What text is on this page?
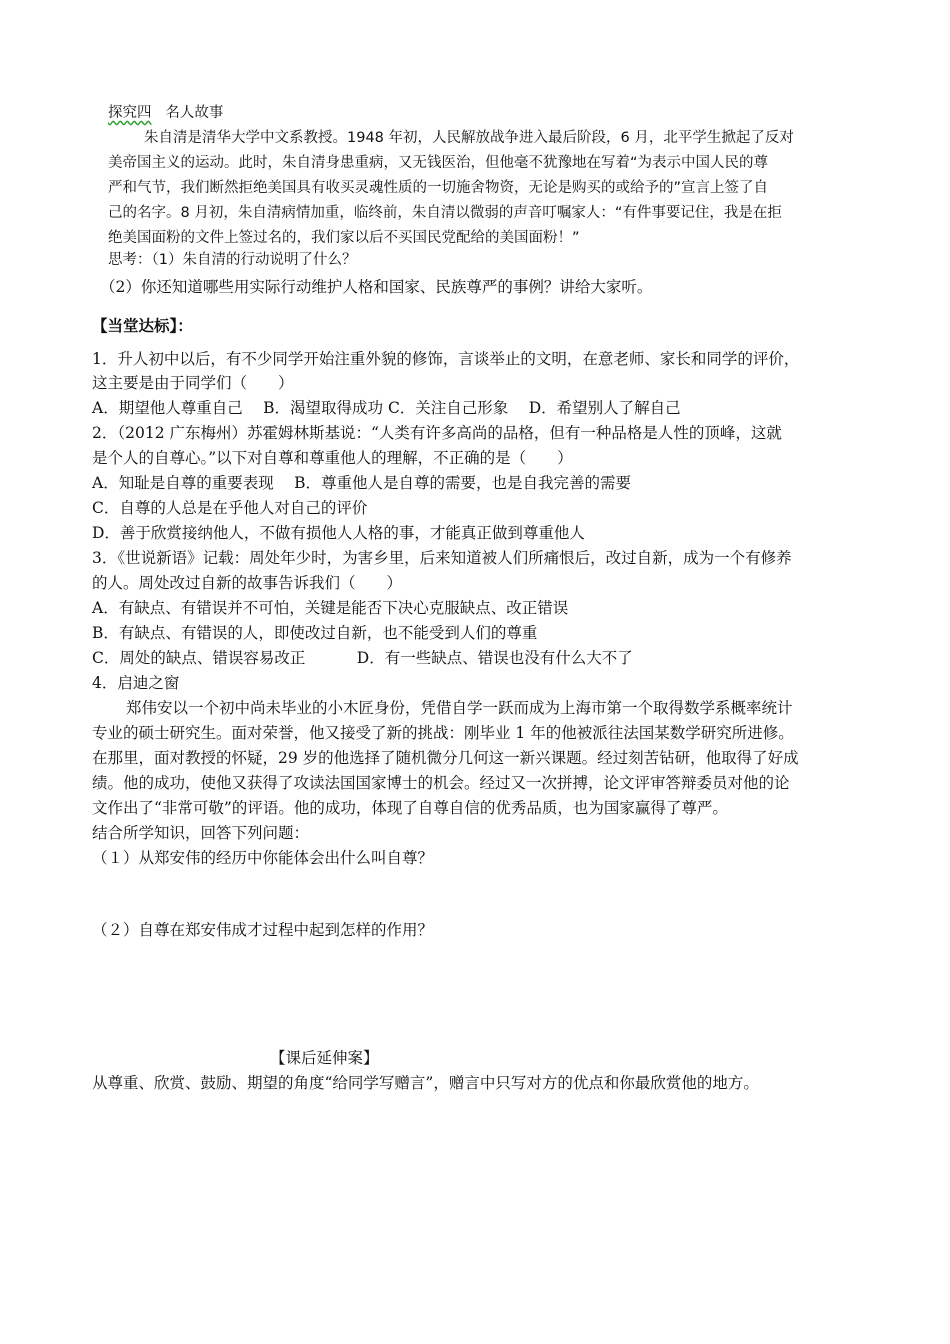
探究四 名人故事
朱自清是清华大学中文系教授。1948 年初，人民解放战争进入最后阶段，6 月，北平学生掀起了反对
美帝国主义的运动。此时，朱自清身患重病，又无钱医治，但他毫不犹豫地在写着“为表示中国人民的尊
严和气节，我们断然拒绝美国具有收买灵魂性质的一切施舍物资，无论是购买的或给予的”宣言上签了自
己的名字。8 月初，朱自清病情加重，临终前，朱自清以微弱的声音叮嘱家人：“有件事要记住，我是在拒
绝美国面粉的文件上签过名的，我们家以后不买国民党配给的美国面粉！”
思考：（1）朱自清的行动说明了什么？
（2）你还知道哪些用实际行动维护人格和国家、民族尊严的事例？讲给大家听。
【当堂达标】：
1．升人初中以后，有不少同学开始注重外貌的修饰，言谈举止的文明，在意老师、家长和同学的评价，
这主要是由于同学们（　　）
A．期望他人尊重自己　 B．渴望取得成功 C．关注自己形象　 D．希望别人了解自己
2．（2012 广东梅州）苏霍姆林斯基说：“人类有许多高尚的品格，但有一种品格是人性的顶峰，这就
是个人的自尊心。”以下对自尊和尊重他人的理解，不正确的是（　　）
A．知耻是自尊的重要表现　 B．尊重他人是自尊的需要，也是自我完善的需要
C．自尊的人总是在乎他人对自己的评价
D．善于欣赏接纳他人，不做有损他人人格的事，才能真正做到尊重他人
3．《世说新语》记载：周处年少时，为害乡里，后来知道被人们所痛恨后，改过自新，成为一个有修养
的人。周处改过自新的故事告诉我们（　　）
A．有缺点、有错误并不可怕，关键是能否下决心克服缺点、改正错误
B．有缺点、有错误的人，即使改过自新，也不能受到人们的尊重
C．周处的缺点、错误容易改正　　　 D．有一些缺点、错误也没有什么大不了
4．启迪之窗
郑伟安以一个初中尚未毕业的小木匠身份，凭借自学一跃而成为上海市第一个取得数学系概率统计
专业的硕士研究生。面对荣誉，他又接受了新的挑战：刚毕业 1 年的他被派往法国某数学研究所进修。
在那里，面对教授的怀疑，29 岁的他选择了随机微分几何这一新兴课题。经过刻苦钻研，他取得了好成
绩。他的成功，使他又获得了攻读法国国家博士的机会。经过又一次拼搏，论文评审答辩委员对他的论
文作出了“非常可敬”的评语。他的成功，体现了自尊自信的优秀品质，也为国家赢得了尊严。
结合所学知识，回答下列问题：
（１）从郑安伟的经历中你能体会出什么叫自尊？
（２）自尊在郑安伟成才过程中起到怎样的作用？
【课后延伸案】
从尊重、欣赏、鼓励、期望的角度“给同学写赠言”，赠言中只写对方的优点和你最欣赏他的地方。
